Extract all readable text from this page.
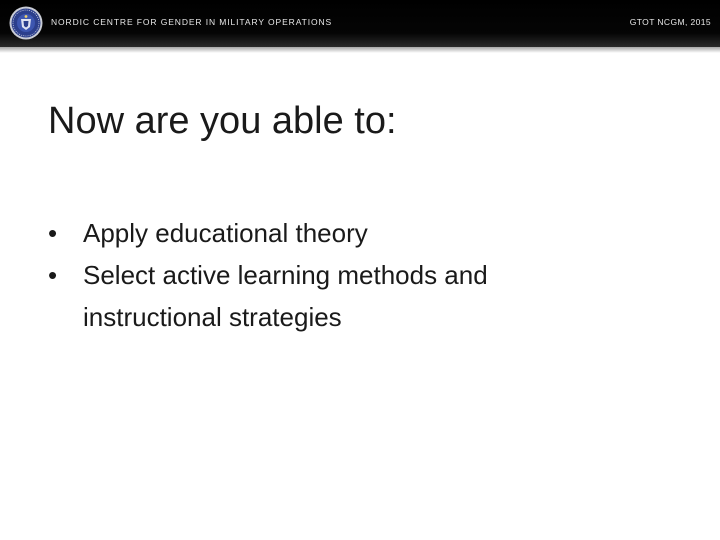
NORDIC CENTRE FOR GENDER IN MILITARY OPERATIONS	GTOT NCGM, 2015
Now are you able to:
• Apply educational theory
• Select active learning methods and instructional strategies
